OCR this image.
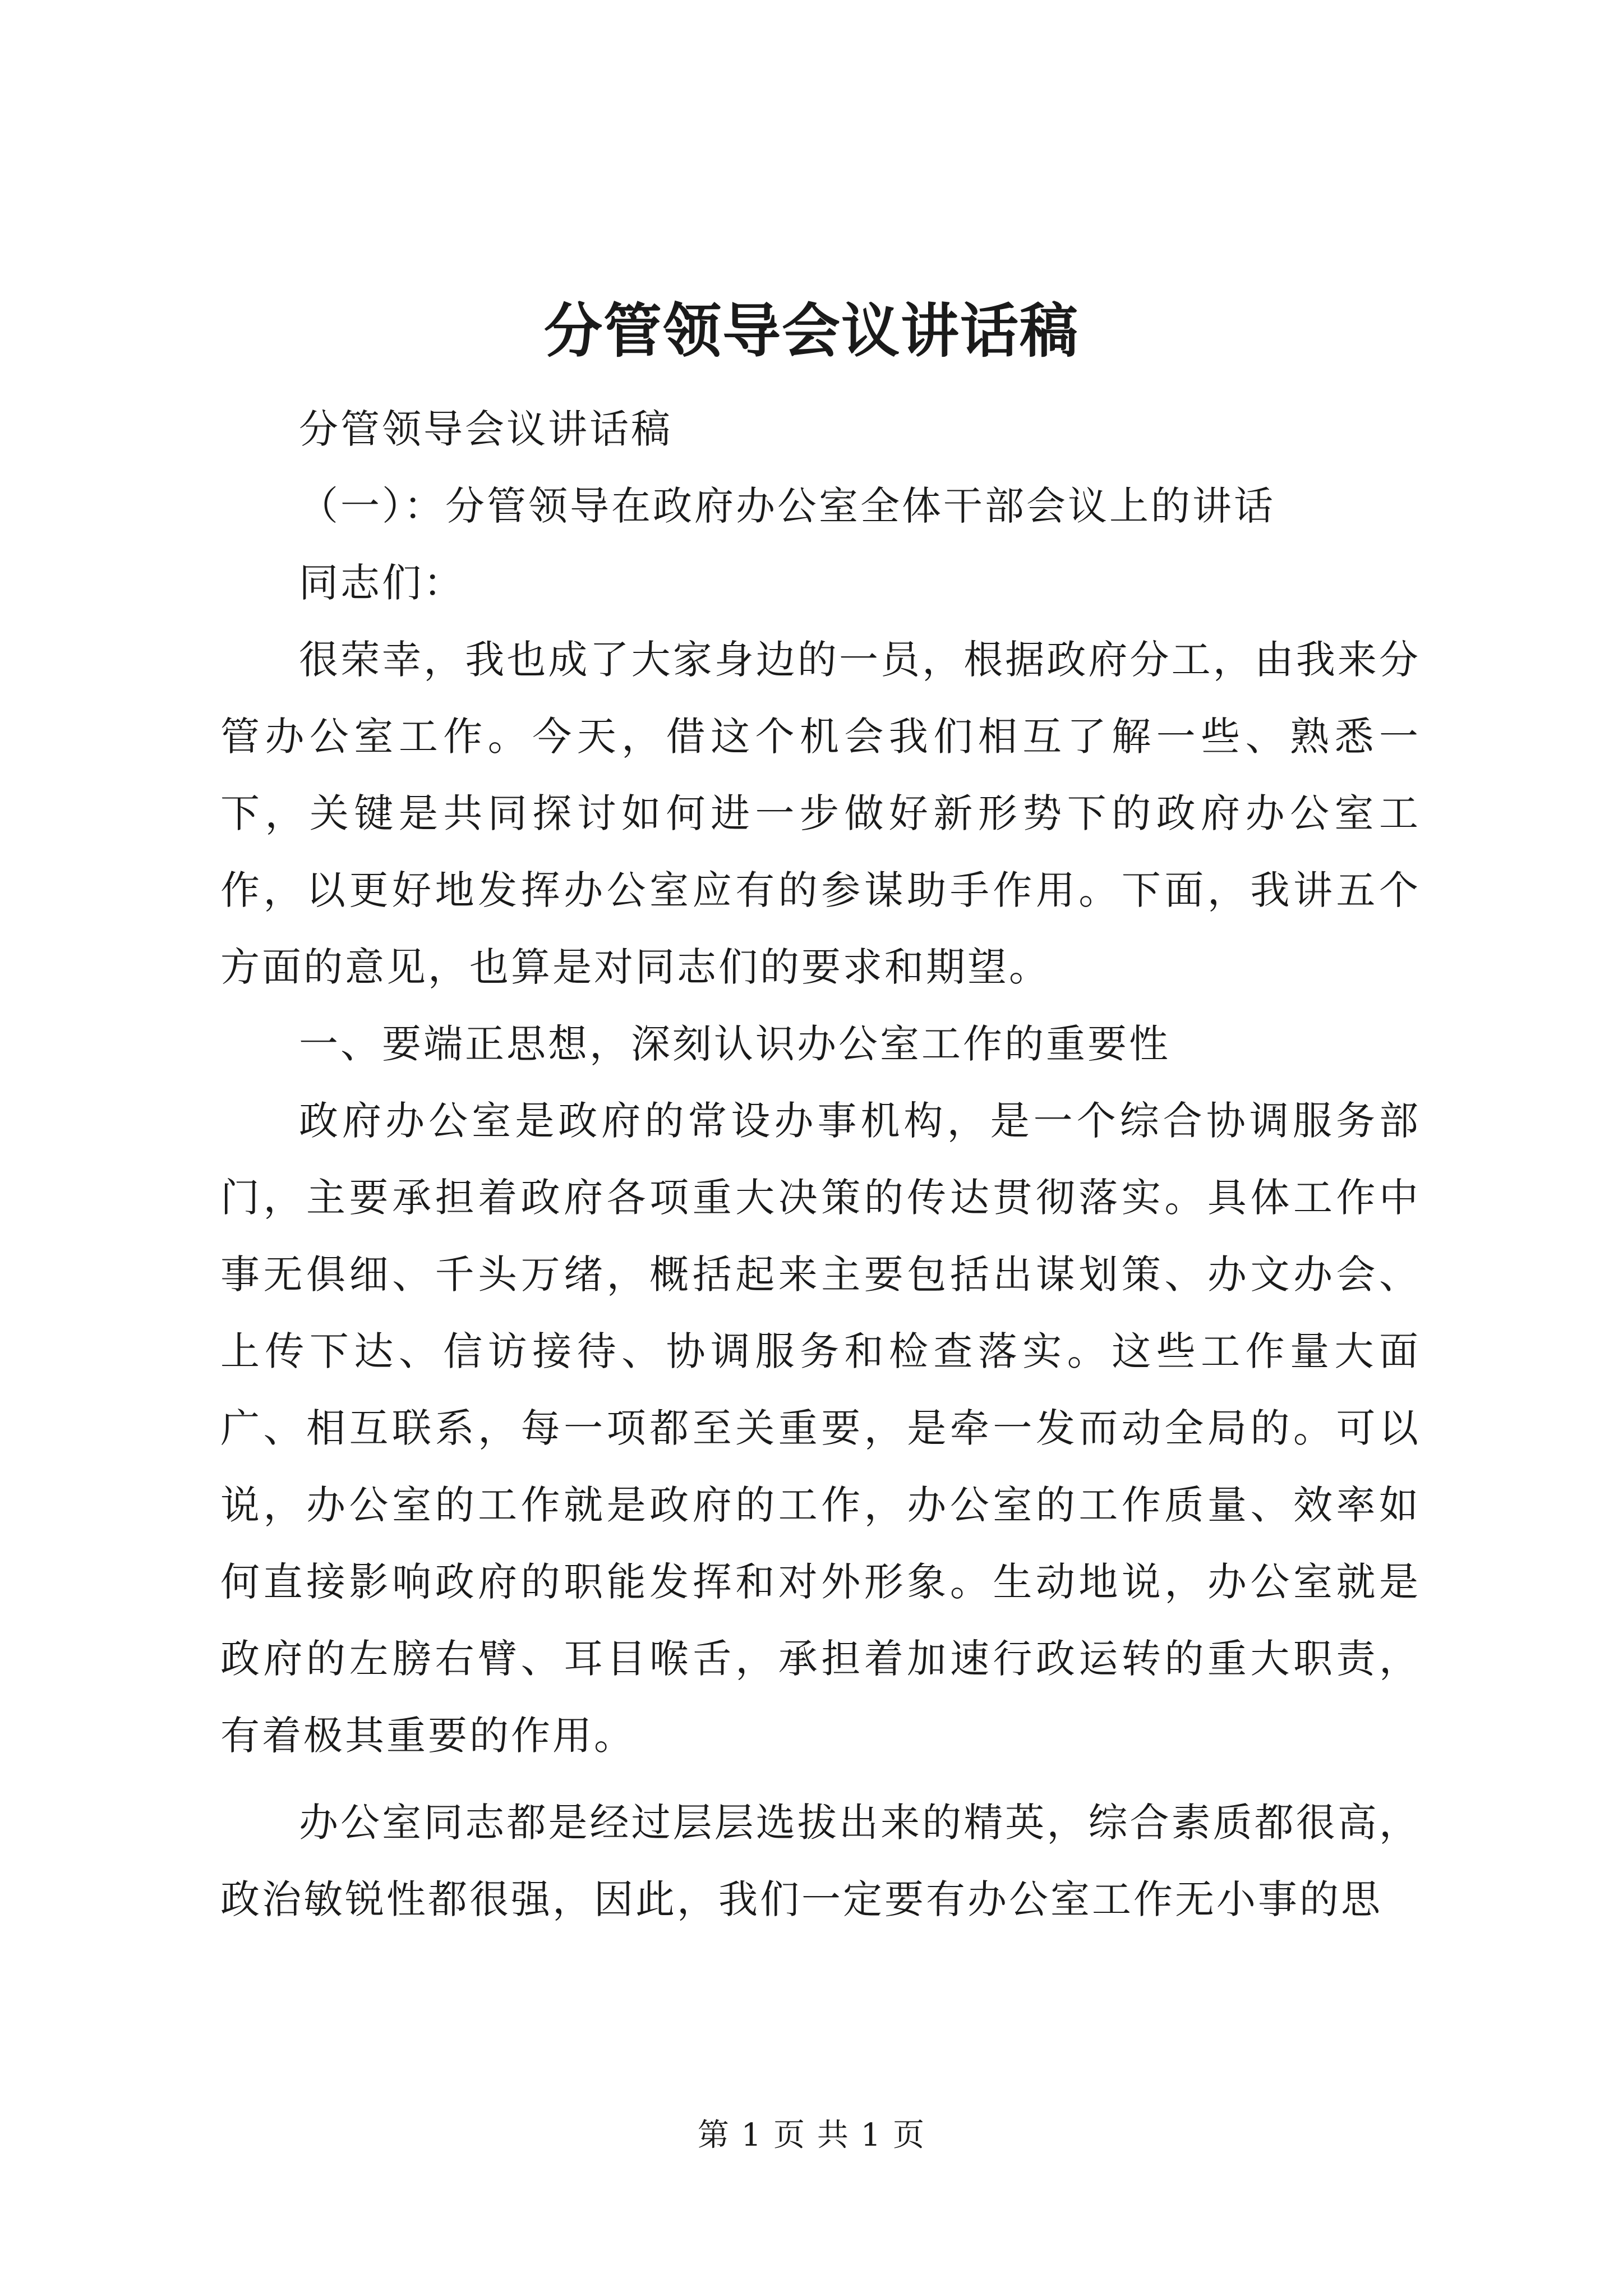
分管领导会议讲话稿

分管领导会议讲话稿

（一）：分管领导在政府办公室全体干部会议上的讲话

同志们：

很荣幸，我也成了大家身边的一员，根据政府分工，由我来分管办公室工作。今天，借这个机会我们相互了解一些、熟悉一下，关键是共同探讨如何进一步做好新形势下的政府办公室工作，以更好地发挥办公室应有的参谋助手作用。下面，我讲五个方面的意见，也算是对同志们的要求和期望。

一、要端正思想，深刻认识办公室工作的重要性

政府办公室是政府的常设办事机构，是一个综合协调服务部门，主要承担着政府各项重大决策的传达贯彻落实。具体工作中事无俱细、千头万绪，概括起来主要包括出谋划策、办文办会、上传下达、信访接待、协调服务和检查落实。这些工作量大面广、相互联系，每一项都至关重要，是牵一发而动全局的。可以说，办公室的工作就是政府的工作，办公室的工作质量、效率如何直接影响政府的职能发挥和对外形象。生动地说，办公室就是政府的左膀右臂、耳目喉舌，承担着加速行政运转的重大职责，有着极其重要的作用。

办公室同志都是经过层层选拔出来的精英，综合素质都很高，政治敏锐性都很强，因此，我们一定要有办公室工作无小事的思

第 1 页 共 1 页
